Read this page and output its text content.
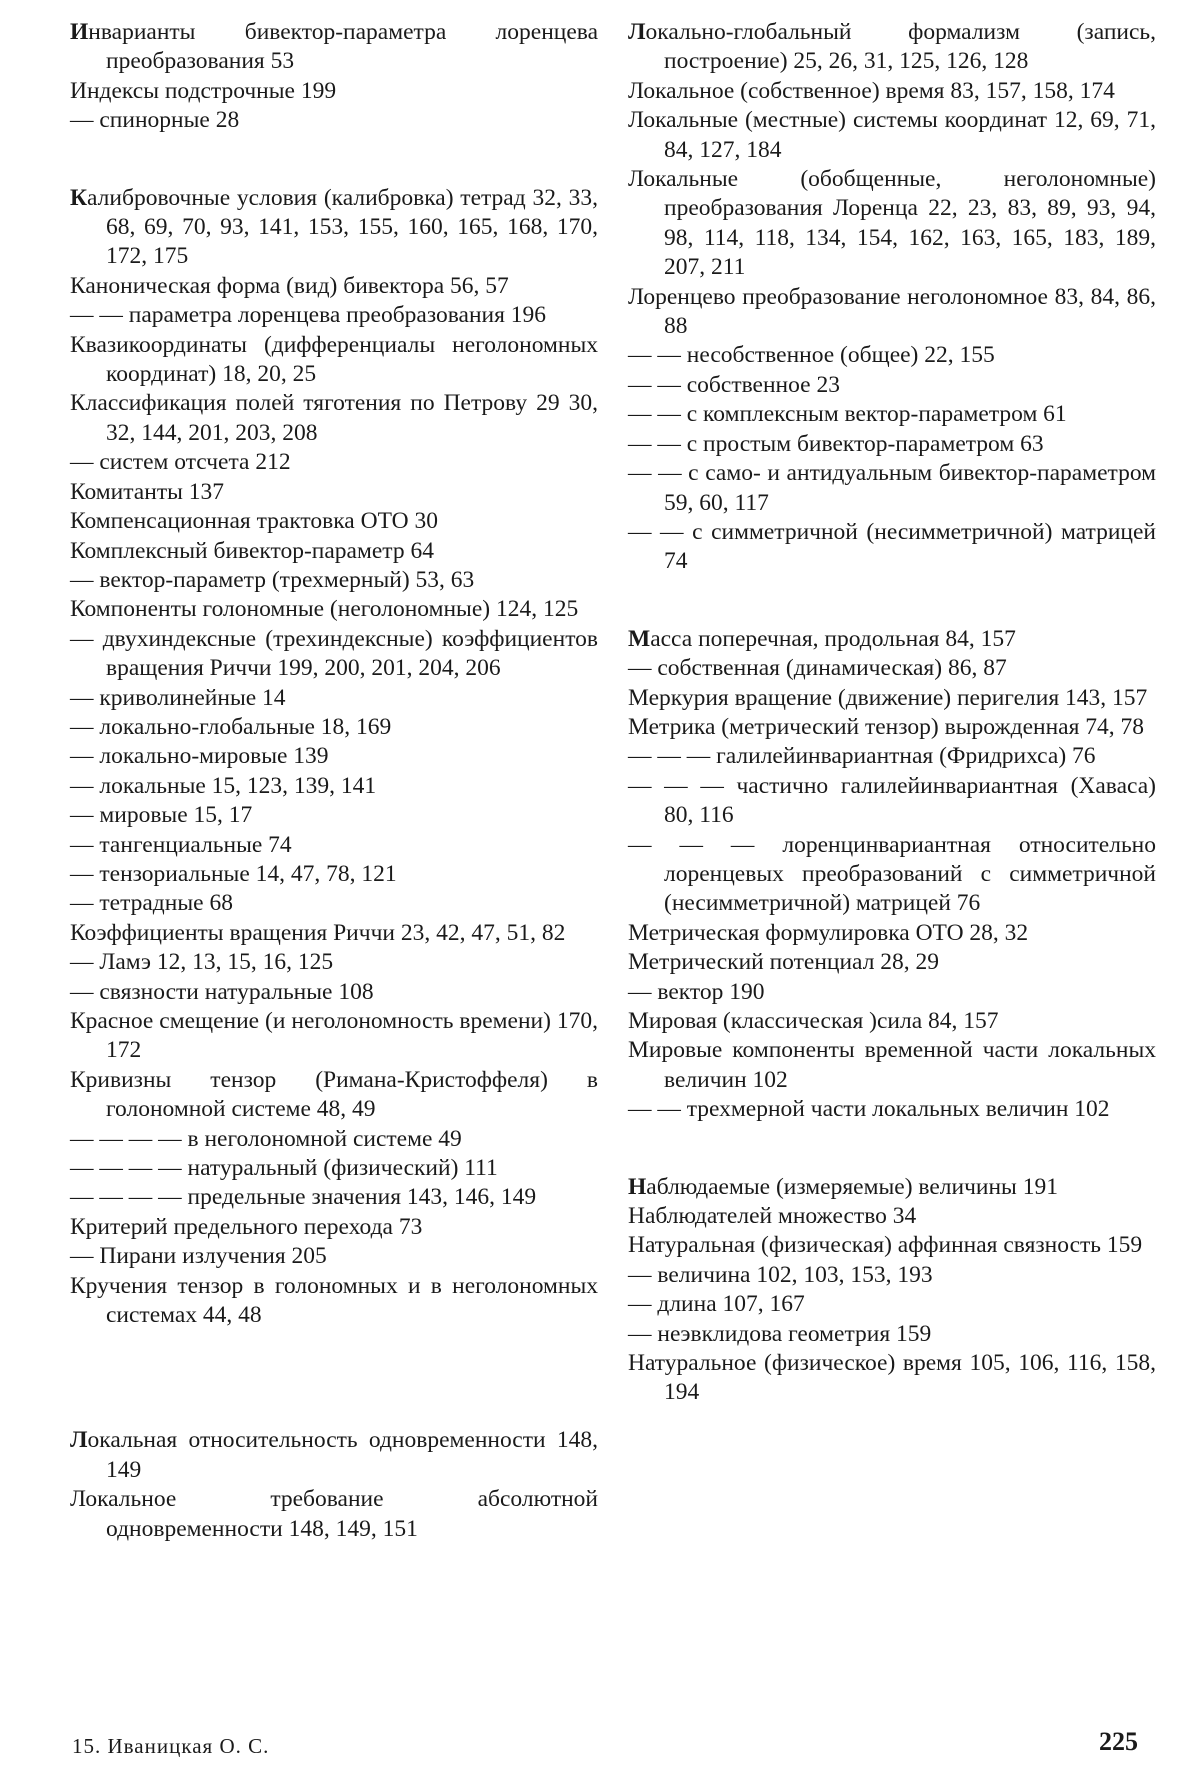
Инварианты бивектор-параметра лоренцева преобразования 53
Индексы подстрочные 199
— спинорные 28
Калибровочные условия (калибровка) тетрад 32, 33, 68, 69, 70, 93, 141, 153, 155, 160, 165, 168, 170, 172, 175
Каноническая форма (вид) бивектора 56, 57
— — параметра лоренцева преобразования 196
Квазикоординаты (дифференциалы неголономных координат) 18, 20, 25
Классификация полей тяготения по Петрову 29 30, 32, 144, 201, 203, 208
— систем отсчета 212
Комитанты 137
Компенсационная трактовка ОТО 30
Комплексный бивектор-параметр 64
— вектор-параметр (трехмерный) 53, 63
Компоненты голономные (неголономные) 124, 125
— двухиндексные (трехиндексные) коэффициентов вращения Риччи 199, 200, 201, 204, 206
— криволинейные 14
— локально-глобальные 18, 169
— локально-мировые 139
— локальные 15, 123, 139, 141
— мировые 15, 17
— тангенциальные 74
— тензориальные 14, 47, 78, 121
— тетрадные 68
Коэффициенты вращения Риччи 23, 42, 47, 51, 82
— Ламэ 12, 13, 15, 16, 125
— связности натуральные 108
Красное смещение (и неголономность времени) 170, 172
Кривизны тензор (Римана-Кристоффеля) в голономной системе 48, 49
— — — — в неголономной системе 49
— — — — натуральный (физический) 111
— — — — предельные значения 143, 146, 149
Критерий предельного перехода 73
— Пирани излучения 205
Кручения тензор в голономных и в неголономных системах 44, 48
Локальная относительность одновременности 148, 149
Локальное требование абсолютной одновременности 148, 149, 151
Локально-глобальный формализм (запись, построение) 25, 26, 31, 125, 126, 128
Локальное (собственное) время 83, 157, 158, 174
Локальные (местные) системы координат 12, 69, 71, 84, 127, 184
Локальные (обобщенные, неголономные) преобразования Лоренца 22, 23, 83, 89, 93, 94, 98, 114, 118, 134, 154, 162, 163, 165, 183, 189, 207, 211
Лоренцево преобразование неголономное 83, 84, 86, 88
— — несобственное (общее) 22, 155
— — собственное 23
— — с комплексным вектор-параметром 61
— — с простым бивектор-параметром 63
— — с само- и антидуальным бивектор-параметром 59, 60, 117
— — с симметричной (несимметричной) матрицей 74
Масса поперечная, продольная 84, 157
— собственная (динамическая) 86, 87
Меркурия вращение (движение) перигелия 143, 157
Метрика (метрический тензор) вырожденная 74, 78
— — — галилейинвариантная (Фридрихса) 76
— — — частично галилейинвариантная (Хаваса) 80, 116
— — — лоренцинвариантная относительно лоренцевых преобразований с симметричной (несимметричной) матрицей 76
Метрическая формулировка ОТО 28, 32
Метрический потенциал 28, 29
— вектор 190
Мировая (классическая )сила 84, 157
Мировые компоненты временной части локальных величин 102
— — трехмерной части локальных величин 102
Наблюдаемые (измеряемые) величины 191
Наблюдателей множество 34
Натуральная (физическая) аффинная связность 159
— величина 102, 103, 153, 193
— длина 107, 167
— неэвклидова геометрия 159
Натуральное (физическое) время 105, 106, 116, 158, 194
15. Иваницкая О. С.	225
